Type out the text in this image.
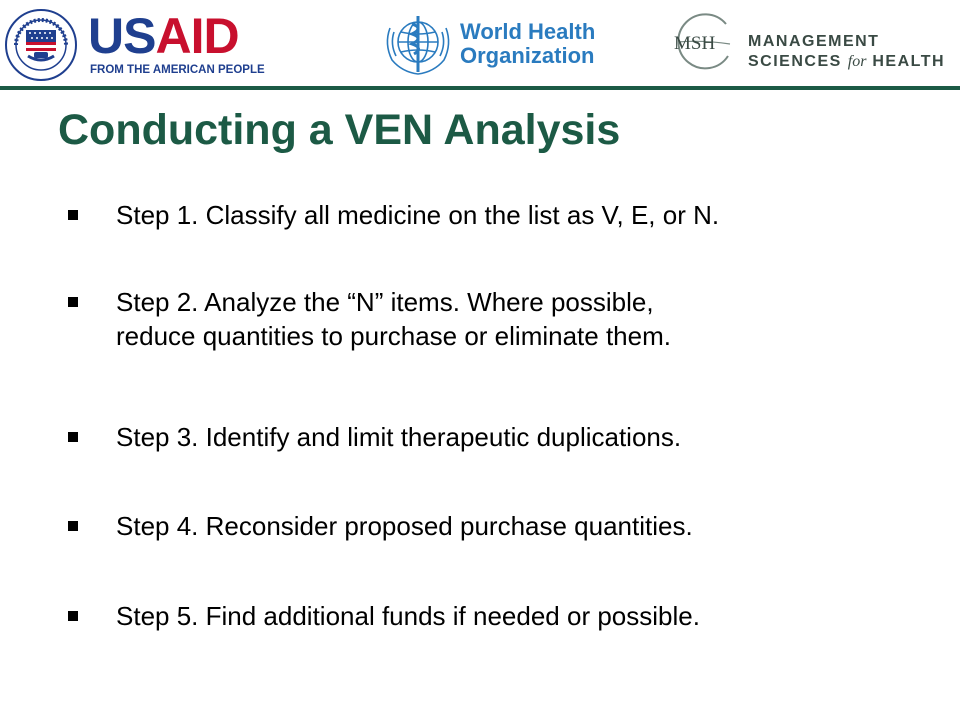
USAID
FROM THE AMERICAN PEOPLE
World Health
Organization	MSH MANAGEMENT
SCIENCES for HEALTH
Conducting a VEN Analysis
Step 1. Classify all medicine on the list as V, E, or N.
Step 2. Analyze the “N” items. Where possible,
reduce quantities to purchase or eliminate them.
Step 3. Identify and limit therapeutic duplications.
Step 4. Reconsider proposed purchase quantities.
Step 5. Find additional funds if needed or possible.
